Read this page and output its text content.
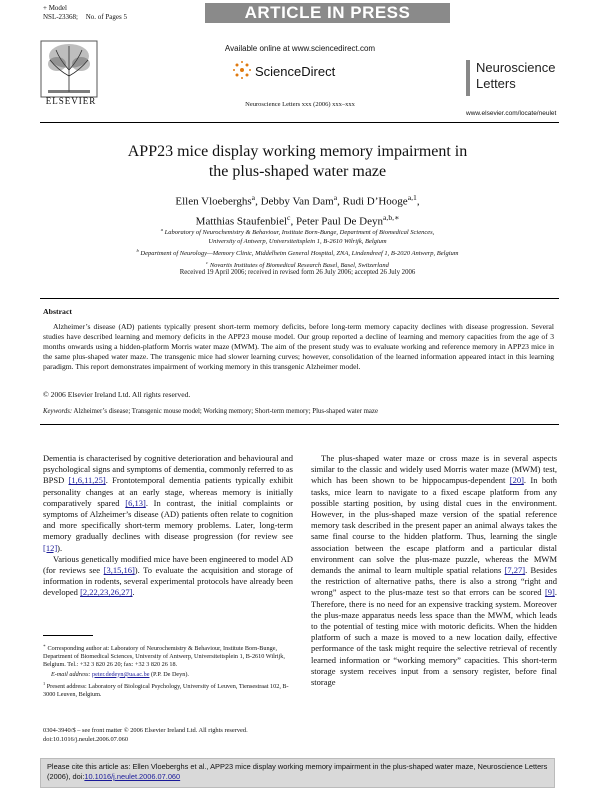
+ Model
NSL-23368; No. of Pages 5	ARTICLE IN PRESS
ELSEVIER
Available online at www.sciencedirect.com
ScienceDirect
Neuroscience Letters xxx (2006) xxx–xxx
Neuroscience
Letters
www.elsevier.com/locate/neulet
APP23 mice display working memory impairment in
the plus-shaped water maze
Ellen Vloeberghs$^a$, Debby Van Dam$^a$, Rudi D’Hooge$^{a,1}$,
Matthias Staufenbiel$^c$, Peter Paul De Deyn$^{a,b,∗}$
$^a$ Laboratory of Neurochemistry & Behaviour, Institute Born-Bunge, Department of Biomedical Sciences,
University of Antwerp, Universiteitsplein 1, B-2610 Wilrijk, Belgium
$^b$ Department of Neurology—Memory Clinic, Middelheim General Hospital, ZNA, Lindendreef 1, B-2020 Antwerp, Belgium
$^c$ Novartis Institutes of Biomedical Research Basel, Basel, Switzerland
Received 19 April 2006; received in revised form 26 July 2006; accepted 26 July 2006
Abstract
Alzheimer’s disease (AD) patients typically present short-term memory deficits, before long-term memory capacity declines with disease progression. Several studies have described learning and memory deficits in the APP23 mouse model. Our group reported a decline of learning and memory capacities from the age of 3 months onwards using a hidden-platform Morris water maze (MWM). The aim of the present study was to evaluate working and reference memory in APP23 mice in the same plus-shaped water maze. The transgenic mice had slower learning curves; however, consolidation of the learned information appeared intact in this learning paradigm. This report demonstrates impairment of working memory in this transgenic Alzheimer model.
© 2006 Elsevier Ireland Ltd. All rights reserved.
Keywords: Alzheimer’s disease; Transgenic mouse model; Working memory; Short-term memory; Plus-shaped water maze

Dementia is characterised by cognitive deterioration and behavioural and psychological signs and symptoms of dementia, commonly referred to as BPSD [1,6,11,25]. Frontotemporal dementia patients typically exhibit personality changes at an early stage, whereas memory is initially comparatively spared [6,13]. In contrast, the initial complaints or symptoms of Alzheimer’s disease (AD) patients often relate to cognition and more specifically short-term memory problems. Later, long-term memory gradually declines with disease progression (for review see [12]).

Various genetically modified mice have been engineered to model AD (for reviews see [3,15,16]). To evaluate the acquisition and storage of information in rodents, several experimental protocols have already been developed [2,22,23,26,27].

The plus-shaped water maze or cross maze is in several aspects similar to the classic and widely used Morris water maze (MWM) test, which has been shown to be hippocampus-dependent [20]. In both tasks, mice learn to navigate to a fixed escape platform from any possible starting position, by using distal cues in the environment. However, in the plus-shaped maze version of the spatial reference memory task described in the present paper an animal always takes the same final course to the hidden platform. Thus, learning the single association between the escape platform and a particular distal environment can solve the plus-maze puzzle, whereas the MWM demands the animal to learn multiple spatial relations [7,27]. Besides the restriction of alternative paths, there is also a strong “right and wrong” aspect to the plus-maze test so that errors can be scored [9]. Therefore, there is no need for an expensive tracking system. Moreover the plus-maze apparatus needs less space than the MWM, which leads to the potential of testing mice with motoric deficits. When the hidden platform of such a maze is moved to a new location daily, effective performance of the task might require the selective retrieval of recently learned information or “working memory” capacities. This short-term storage system receives input from a sensory register, before final storage

∗ Corresponding author at: Laboratory of Neurochemistry & Behaviour, Institute Born-Bunge, Department of Biomedical Sciences, University of Antwerp, Universiteitsplein 1, B-2610 Wilrijk, Belgium. Tel.: +32 3 820 26 20; fax: +32 3 820 26 18.

E-mail address: peter.dedeyn@ua.ac.be (P.P. De Deyn).

$^1$ Present address: Laboratory of Biological Psychology, University of Leuven, Tiensestraat 102, B-3000 Leuven, Belgium.

0304-3940/$ – see front matter © 2006 Elsevier Ireland Ltd. All rights reserved.
doi:10.1016/j.neulet.2006.07.060
Please cite this article as: Ellen Vloeberghs et al., APP23 mice display working memory impairment in the plus-shaped water maze, Neuroscience Letters (2006), doi:10.1016/j.neulet.2006.07.060
